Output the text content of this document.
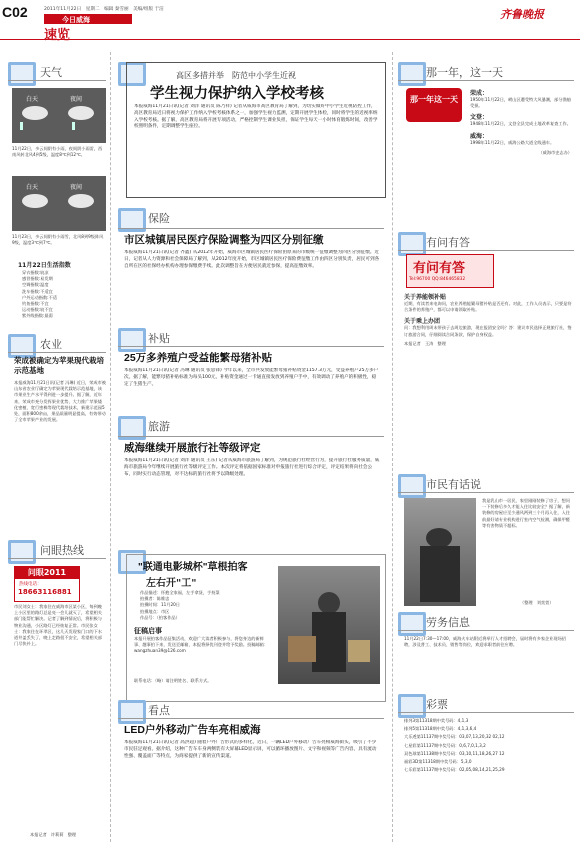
C02	2011年11月22日　星期二　编辑 秦雪丽　美编/组版 于洁
今日威海
速览
齐鲁晚报
天气
白天	夜间

11月22日，多云间阴有小雨，夜间阴小雨雷，西南风转北风4到5级，温度8℃到12℃。

白天	夜间

11月23日，多云间阴有小雨雪，北风8到9级阵风9级，温度3℃到7℃。

11月22日生活指数
穿衣指数:较凉
感冒指数:易发期
空调指数:温度
洗车指数:不适宜
户外运动指数:不适
钓鱼指数:不宜
运动指数:较不宜
紫外线指数:最弱
农业
荣成被确定为苹果现代栽培示范基地

本报威海11月21日讯(记者 冯琳) 近日，荣成市被山东省农业厅确定为苹果现代栽培示范基地，该市果业生产水平得到进一步提升。据了解，近年来，荣成市充分发挥果业优势，大力推广苹果矮化密植、宽行密株等现代栽培技术，新建示范园5处，面积800余亩，果品质量明显提高，有效带动了全市苹果产业的发展。

问眼热线
问眼2011
热线电话：
18663116881

市民刘女士：我家住在威海市区某小区，每到晚上小区里的路灯总是亮一会儿就灭了，希望相关部门能帮忙解决。记者了解到情况后，将积极与物业沟通，小区路灯已经恢复正常。市民张女士：我家住在环翠区，这几天发现家门口的下水道井盖丢失了，晚上走路很不安全，希望相关部门尽快补上。

本报记者　许莉莉　整理
高区多措并举　防范中小学生近视
学生视力保护纳入学校考核

本报威海11月21日讯(记者 刘洋 通讯员 陈乃祥) 记者从威海市高区教育局了解到，为切实做好中小学生近视防控工作，高区教育局近日将视力保护工作纳入学校考核体系之一，加强学生视力监测，定期开展学生体检，同时将学生的近视率纳入学校考核。据了解，高区教育局将开展专项活动，严格控制学生课业负担，保证学生每天一小时体育锻炼时间，改善学校照明条件，定期调整学生座位。

保险
市区城镇居民医疗保险调整为四区分别征缴

本报威海11月21日讯(记者 齐鑫) 从2012年开始，威海市区城镇居民医疗保险由原来的市级统一征缴调整为四区分别征缴。近日，记者从人力资源和社会保障局了解到，从2012年度开始，市区城镇居民医疗保险费征缴工作由四区分别负责，居民可到各自所在区的社保经办机构办理参保缴费手续。此次调整旨在方便居民就近参保，提高征缴效率。

补贴
25万多养殖户受益能繁母猪补贴

本报威海11月21日讯(记者 冯琳 通讯员 张思锋) 今年以来，全市共发放能繁母猪补贴资金1157.3万元，受益养殖户25万多户次。据了解，能繁母猪补贴标准为每头100元，补贴资金通过一卡通直接发放到养殖户手中，有效调动了养殖户的积极性，稳定了生猪生产。

旅游
威海继续开展旅行社等级评定

本报威海11月21日讯(记者 刘洋 通讯员 王东) 记者从威海市旅游局了解到，为规范旅行社经营行为，提升旅行社服务质量，威海市旅游局今年继续开展旅行社等级评定工作。本次评定将依据国家标准对申报旅行社进行综合评定，评定结果将向社会公布，同时实行动态管理，对不达标的旅行社将予以降级处理。

"联通电影城杯"草根拍客
左右开"工"
作品描述：怀抱全家福，左手拿货，手持菜
拍摄者：陈维忠
拍摄时间：11月20日
拍摄地点：市区
作品号：（拍客作品）
征稿启事

本报开展拍客作品征集活动，欢迎广大读者积极参与，将您身边的新鲜事、趣事拍下来，发送至邮箱，本报将择优刊登并给予奖励。投稿邮箱：wangzhuan39@126.com

联系电话：（略）请注明姓名、联系方式。

看点
LED户外移动广告车亮相威海

本报威海11月21日讯(记者 高洪超) 随着户外广告形式的多样化，近日，一辆LED户外移动广告车亮相威海街头，吸引了不少市民驻足观看。据介绍，这种广告车车身两侧装有大屏幕LED显示屏，可以循环播放图片、文字和视频等广告内容，具有流动性强、覆盖面广等特点，为商家提供了新的宣传渠道。

那一年，这一天
那一年这一天
荣成：
1950年11月22日，崂山区遭受特大风暴潮，部分渔船受损。
文登：
1948年11月22日，文登全县完成土地改革复查工作。
威海：
1998年11月22日，威海公路大道全线通车。
（威海市史志办）
有问有答
有问有答
Tel:96700 QQ:846465832
关于养能领补贴
近期，有读者来电询问，农业养殖能繁母猪补贴是否还有。对此，工作人员表示，只要是符合条件的养殖户，都可以申请领取补贴。
关于乘上办团
问：我想利用周末带孩子去周边旅游，现在报团安全吗？答：建议市民选择正规旅行社，签订旅游合同，仔细阅读合同条款，保护自身权益。
本报记者　王涛　整理
市民有话说

我是乳山市一居民，家里刚刚装修了房子，想问一下装修后多久才能入住比较安全？据了解，新装修的房屋应至少通风两到三个月再入住，入住前最好请专业机构进行室内空气检测，确保甲醛等有害物质不超标。

（整理　刘奕萱）
劳务信息

11月22日7:30—17:00，威海火车站附近将举行人才招聘会，届时将有多家企业现场招聘，涉及普工、技术员、销售等岗位，欢迎求职者前往应聘。

彩票
排列3第11318期中奖号码：4,1,3
排列5第11318期中奖号码：4,1,3,6,4
大乐透第11137期中奖号码：03,07,13,20,32 02,12
七星彩第11137期中奖号码：0,6,7,0,1,3,2
双色球第11138期中奖号码：03,10,11,18,26,27 12
福彩3D第11318期中奖号码：5,3,0
七乐彩第11137期中奖号码：02,05,08,14,21,25,29
